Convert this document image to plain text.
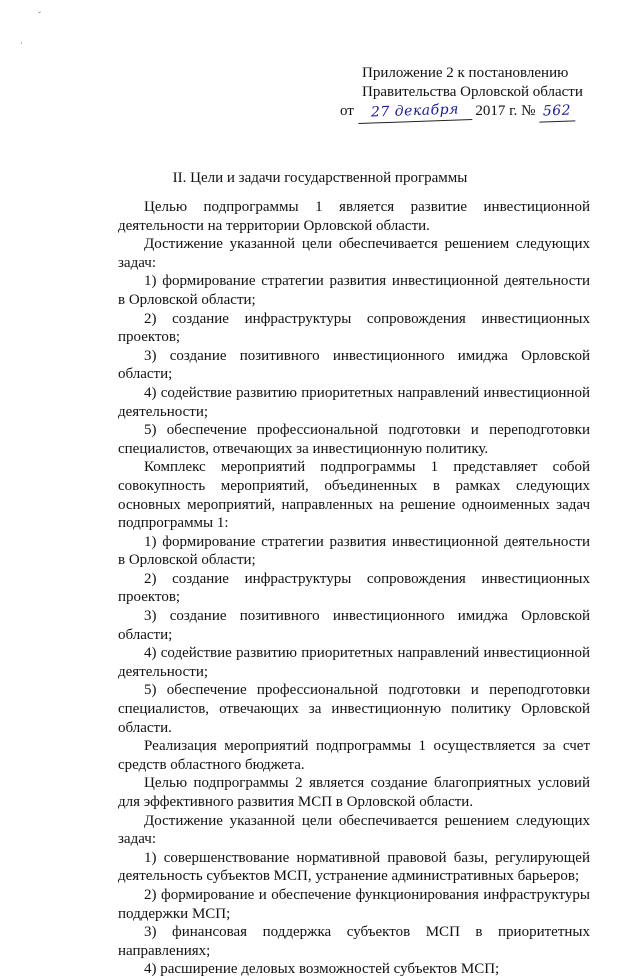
ˇ
·
Приложение 2 к постановлению
Правительства Орловской области
от 27 декабря 2017 г. № 562
II. Цели и задачи государственной программы

Целью подпрограммы 1 является развитие инвестиционной деятельности на территории Орловской области.

Достижение указанной цели обеспечивается решением следующих задач:

1) формирование стратегии развития инвестиционной деятельности в Орловской области;

2) создание инфраструктуры сопровождения инвестиционных проектов;

3) создание позитивного инвестиционного имиджа Орловской области;

4) содействие развитию приоритетных направлений инвестиционной деятельности;

5) обеспечение профессиональной подготовки и переподготовки специалистов, отвечающих за инвестиционную политику.

Комплекс мероприятий подпрограммы 1 представляет собой совокупность мероприятий, объединенных в рамках следующих основных мероприятий, направленных на решение одноименных задач подпрограммы 1:

1) формирование стратегии развития инвестиционной деятельности в Орловской области;

2) создание инфраструктуры сопровождения инвестиционных проектов;

3) создание позитивного инвестиционного имиджа Орловской области;

4) содействие развитию приоритетных направлений инвестиционной деятельности;

5) обеспечение профессиональной подготовки и переподготовки специалистов, отвечающих за инвестиционную политику Орловской области.

Реализация мероприятий подпрограммы 1 осуществляется за счет средств областного бюджета.

Целью подпрограммы 2 является создание благоприятных условий для эффективного развития МСП в Орловской области.

Достижение указанной цели обеспечивается решением следующих задач:

1) совершенствование нормативной правовой базы, регулирующей деятельность субъектов МСП, устранение административных барьеров;

2) формирование и обеспечение функционирования инфраструктуры поддержки МСП;

3) финансовая поддержка субъектов МСП в приоритетных направлениях;

4) расширение деловых возможностей субъектов МСП;
